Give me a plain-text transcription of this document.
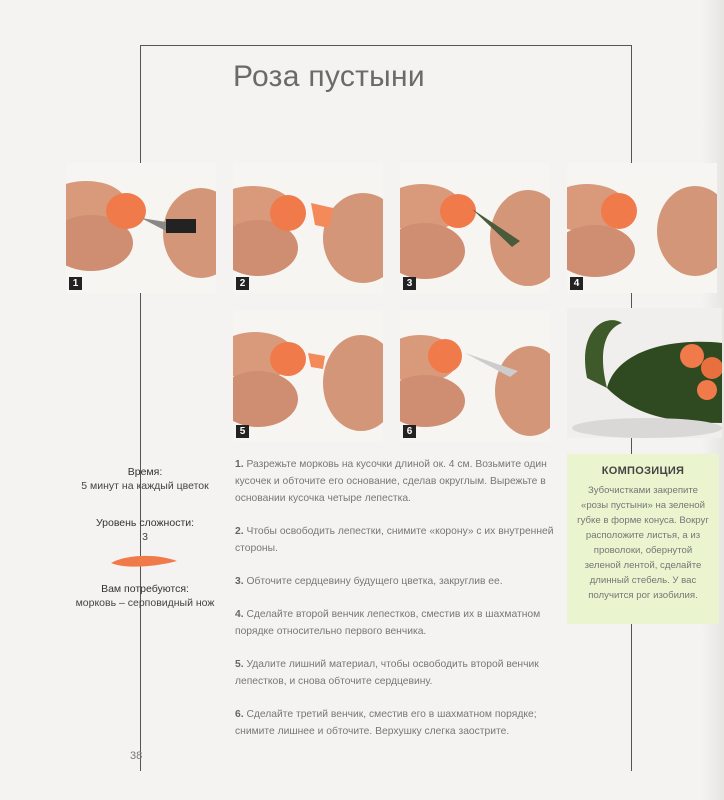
Роза пустыни
1	2	3	4
5	6
Время:
5 минут на каждый цветок
Уровень сложности:
3
Вам потребуются:
морковь – серповидный нож

1. Разрежьте морковь на кусочки длиной ок. 4 см. Возьмите один кусочек и обточите его основание, сделав округлым. Вырежьте в основании кусочка четыре лепестка.

2. Чтобы освободить лепестки, снимите «корону» с их внутренней стороны.

3. Обточите сердцевину будущего цветка, закруглив ее.

4. Сделайте второй венчик лепестков, сместив их в шахматном порядке относительно первого венчика.

5. Удалите лишний материал, чтобы освободить второй венчик лепестков, и снова обточите сердцевину.

6. Сделайте третий венчик, сместив его в шахматном порядке; снимите лишнее и обточите. Верхушку слегка заострите.

КОМПОЗИЦИЯ
Зубочистками закрепите «розы пустыни» на зеленой губке в форме конуса. Вокруг расположите листья, а из проволоки, обернутой зеленой лентой, сделайте длинный стебель. У вас получится рог изобилия.
38
